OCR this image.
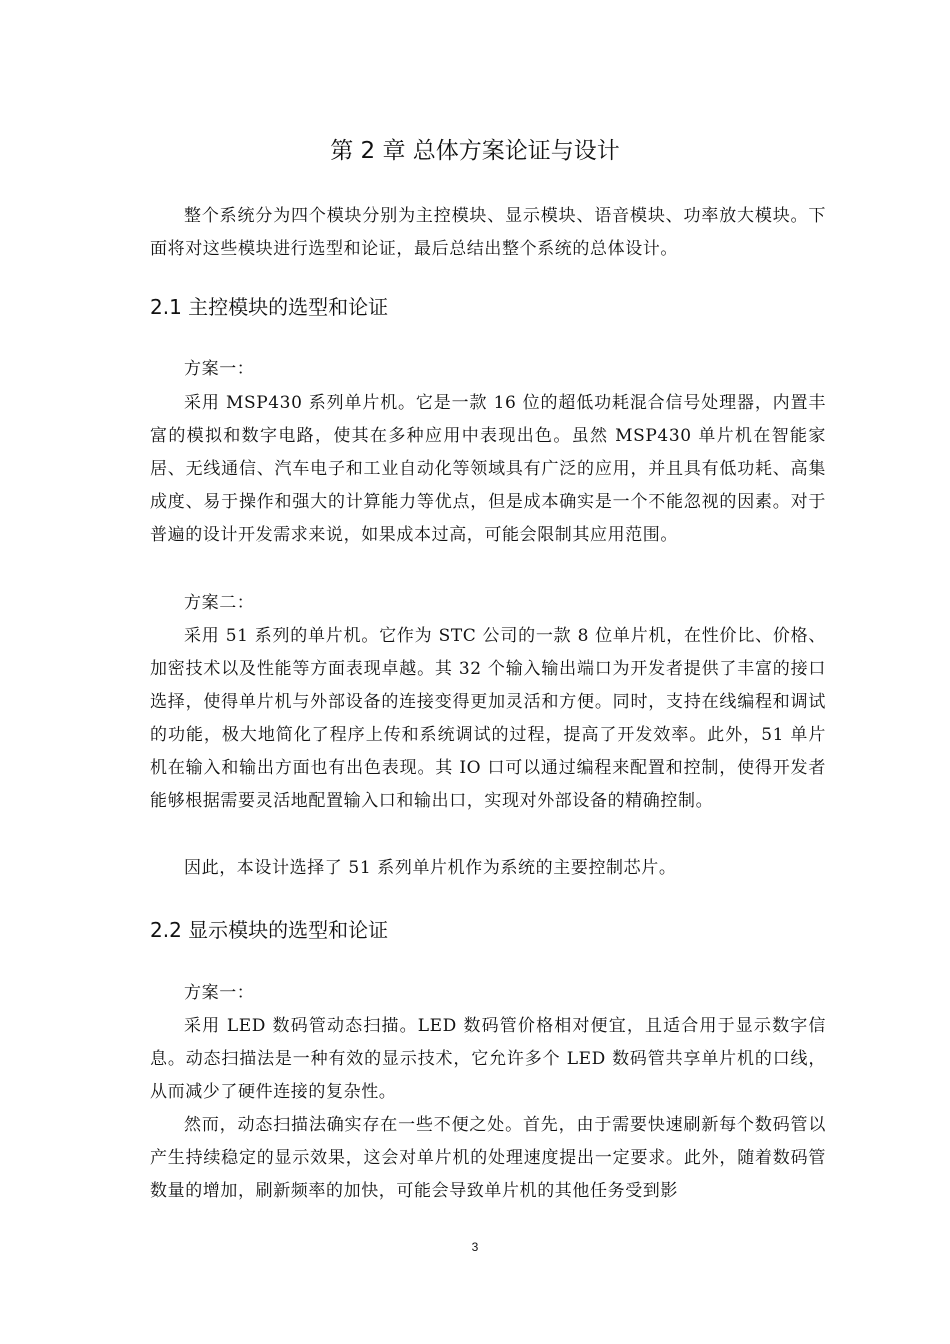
第 2 章 总体方案论证与设计

整个系统分为四个模块分别为主控模块、显示模块、语音模块、功率放大模块。下面将对这些模块进行选型和论证，最后总结出整个系统的总体设计。

2.1 主控模块的选型和论证

方案一：

采用 MSP430 系列单片机。它是一款 16 位的超低功耗混合信号处理器，内置丰富的模拟和数字电路，使其在多种应用中表现出色。虽然 MSP430 单片机在智能家居、无线通信、汽车电子和工业自动化等领域具有广泛的应用，并且具有低功耗、高集成度、易于操作和强大的计算能力等优点，但是成本确实是一个不能忽视的因素。对于普遍的设计开发需求来说，如果成本过高，可能会限制其应用范围。

方案二：

采用 51 系列的单片机。它作为 STC 公司的一款 8 位单片机，在性价比、价格、加密技术以及性能等方面表现卓越。其 32 个输入输出端口为开发者提供了丰富的接口选择，使得单片机与外部设备的连接变得更加灵活和方便。同时，支持在线编程和调试的功能，极大地简化了程序上传和系统调试的过程，提高了开发效率。此外，51 单片机在输入和输出方面也有出色表现。其 IO 口可以通过编程来配置和控制，使得开发者能够根据需要灵活地配置输入口和输出口，实现对外部设备的精确控制。

因此，本设计选择了 51 系列单片机作为系统的主要控制芯片。

2.2 显示模块的选型和论证

方案一：

采用 LED 数码管动态扫描。LED 数码管价格相对便宜，且适合用于显示数字信息。动态扫描法是一种有效的显示技术，它允许多个 LED 数码管共享单片机的口线，从而减少了硬件连接的复杂性。

然而，动态扫描法确实存在一些不便之处。首先，由于需要快速刷新每个数码管以产生持续稳定的显示效果，这会对单片机的处理速度提出一定要求。此外，随着数码管数量的增加，刷新频率的加快，可能会导致单片机的其他任务受到影

3
